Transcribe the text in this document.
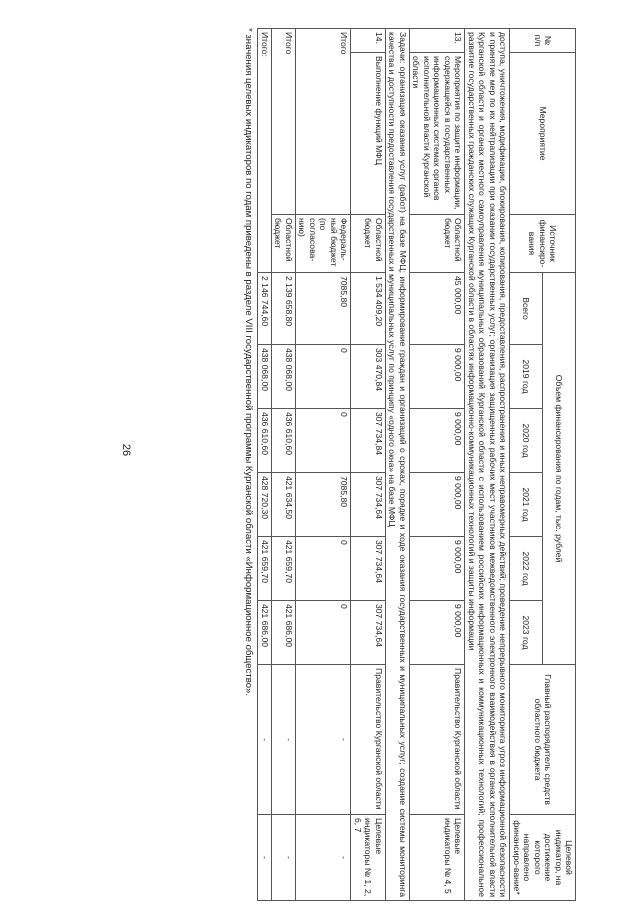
26
№ п/п	Мероприятие	Источник финансиро-вания	Объем финансирования по годам, тыс. рублей						Главный распорядитель средств областного бюджета	Целевой индикатор, на достижение которого направлено финансиро-вание*
			Всего	2019 год	2020 год	2021 год	2022 год	2023 год		
доступа, уничтожения, модификации, блокирования, копирования, предоставления, распространения и иных неправомерных действий; проведение непрерывного мониторинга угроз информационной безопасности и принятие мер по их нейтрализации при оказании государственных услуг; организация защищенных рабочих мест участников межведомственного электронного взаимодействия в органах исполнительной власти Курганской области и органах местного самоуправления муниципальных образований Курганской области с использованием российских информационных и коммуникационных технологий; профессиональное развитие государственных гражданских служащих Курганской области в областях информационно-коммуникационных технологий и защиты информации										
13.	Мероприятия по защите информации, содержащейся в государственных информационных системах органов исполнительной власти Курганской области	Областной бюджет	45 000,00	9 000,00	9 000,00	9 000,00	9 000,00	9 000,00	Правительство Курганской области	Целевые индикаторы № 4, 5
Задачи: организация оказания услуг (работ) на базе МФЦ; информирование граждан и организаций о сроках, порядке и ходе оказания государственных и муниципальных услуг; создание системы мониторинга качества и доступности предоставления государственных и муниципальных услуг по принципу «одного окна» на базе МФЦ										
14.	Выполнение функций МФЦ	Областной бюджет	1 534 409,20	303 470,84	307 734,84	307 734,64	307 734,64	307 734,64	Правительство Курганской области	Целевые индикаторы № 1, 2, 6, 7
Итого		Федераль-ный бюджет (по согласова-нию)	7085,80	0	0	7085,80	0	0	-	-
Итого		Областной бюджет	2 139 658,80	438 068,00	436 610,60	421 634,50	421 659,70	421 686,00	-	-
Итого:			2 146 744,60	438 068,00	436 610,60	428 720,30	421 659,70	421 686,00	-	-
* значения целевых индикаторов по годам приведены в разделе VIII государственной программы Курганской области «Информационное общество».
